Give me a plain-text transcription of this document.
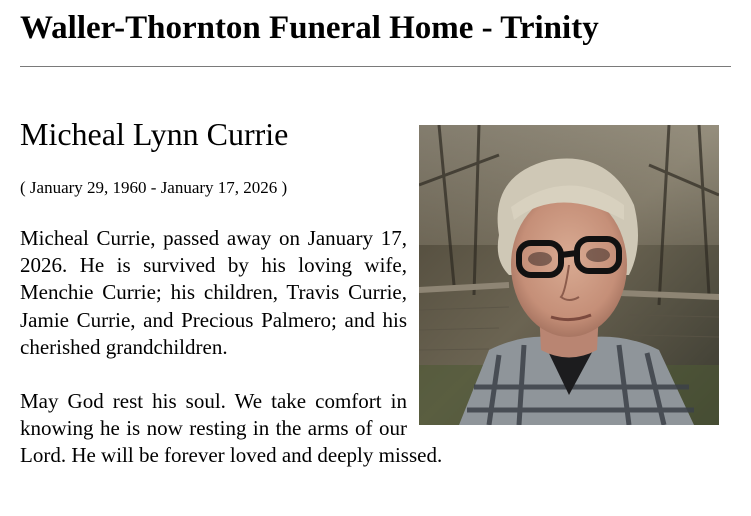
Waller-Thornton Funeral Home - Trinity
Micheal Lynn Currie

( January 29, 1960 - January 17, 2026 )

Micheal Currie, passed away on January 17, 2026. He is survived by his loving wife, Menchie Currie; his children, Travis Currie, Jamie Currie, and Precious Palmero; and his cherished grandchildren.

May God rest his soul. We take comfort in knowing he is now resting in the arms of our Lord. He will be forever loved and deeply missed.
